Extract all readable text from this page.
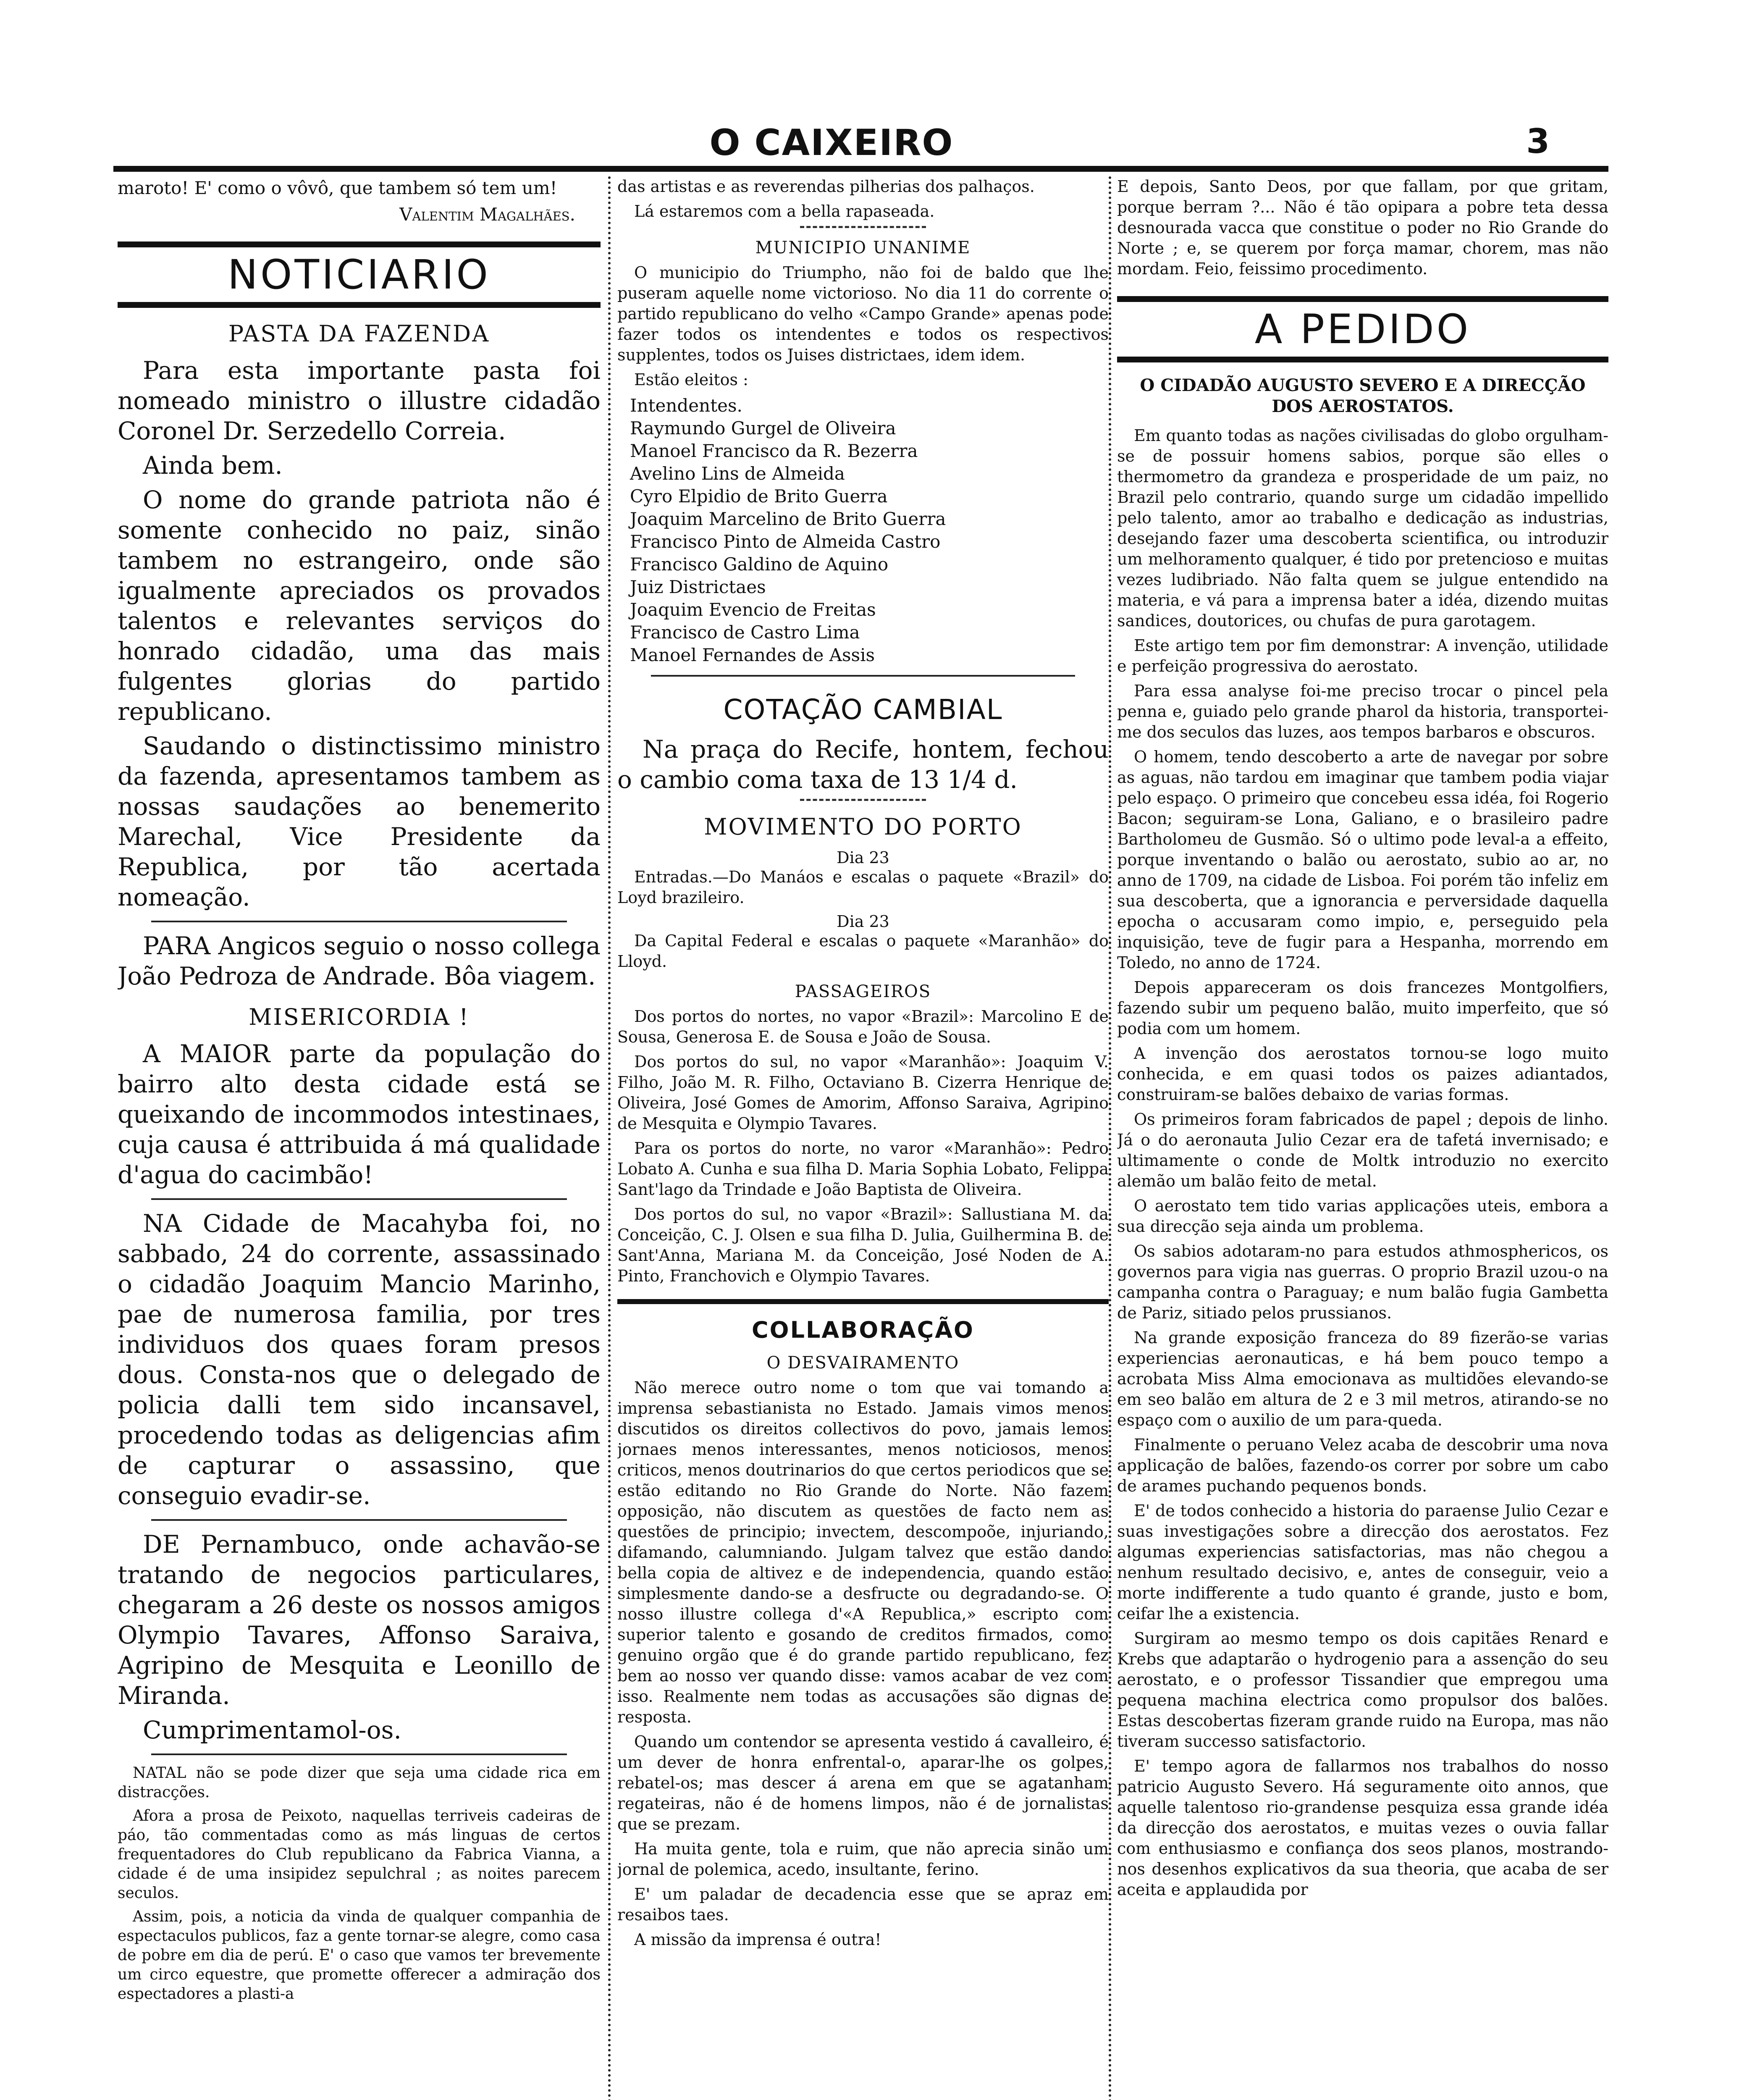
O CAIXEIRO	3

maroto! E' como o vôvô, que tambem só tem um!

Valentim Magalhães.
NOTICIARIO
PASTA DA FAZENDA

Para esta importante pasta foi nomeado ministro o illustre cidadão Coronel Dr. Serzedello Correia.

Ainda bem.

O nome do grande patriota não é somente conhecido no paiz, sinão tambem no estrangeiro, onde são igualmente apreciados os provados talentos e relevantes serviços do honrado cidadão, uma das mais fulgentes glorias do partido republicano.

Saudando o distinctissimo ministro da fazenda, apresentamos tambem as nossas saudações ao benemerito Marechal, Vice Presidente da Republica, por tão acertada nomeação.

PARA Angicos seguio o nosso collega João Pedroza de Andrade. Bôa viagem.

MISERICORDIA !

A MAIOR parte da população do bairro alto desta cidade está se queixando de incommodos intestinaes, cuja causa é attribuida á má qualidade d'agua do cacimbão!

NA Cidade de Macahyba foi, no sabbado, 24 do corrente, assassinado o cidadão Joaquim Mancio Marinho, pae de numerosa familia, por tres individuos dos quaes foram presos dous. Consta-nos que o delegado de policia dalli tem sido incansavel, procedendo todas as deligencias afim de capturar o assassino, que conseguio evadir-se.

DE Pernambuco, onde achavão-se tratando de negocios particulares, chegaram a 26 deste os nossos amigos Olympio Tavares, Affonso Saraiva, Agripino de Mesquita e Leonillo de Miranda.

Cumprimentamol-os.

NATAL não se pode dizer que seja uma cidade rica em distracções.

Afora a prosa de Peixoto, naquellas terriveis cadeiras de páo, tão commentadas como as más linguas de certos frequentadores do Club republicano da Fabrica Vianna, a cidade é de uma insipidez sepulchral ; as noites parecem seculos.

Assim, pois, a noticia da vinda de qualquer companhia de espectaculos publicos, faz a gente tornar-se alegre, como casa de pobre em dia de perú. E' o caso que vamos ter brevemente um circo equestre, que promette offerecer a admiração dos espectadores a plasti-a

das artistas e as reverendas pilherias dos palhaços.

Lá estaremos com a bella rapaseada.

MUNICIPIO UNANIME

O municipio do Triumpho, não foi de baldo que lhe puseram aquelle nome victorioso. No dia 11 do corrente o partido republicano do velho «Campo Grande» apenas pode fazer todos os intendentes e todos os respectivos supplentes, todos os Juises districtaes, idem idem.

Estão eleitos :

Intendentes.

Raymundo Gurgel de Oliveira

Manoel Francisco da R. Bezerra

Avelino Lins de Almeida

Cyro Elpidio de Brito Guerra

Joaquim Marcelino de Brito Guerra

Francisco Pinto de Almeida Castro

Francisco Galdino de Aquino

Juiz Districtaes

Joaquim Evencio de Freitas

Francisco de Castro Lima

Manoel Fernandes de Assis

COTAÇÃO CAMBIAL

Na praça do Recife, hontem, fechou o cambio coma taxa de 13 1/4 d.

MOVIMENTO DO PORTO
Dia 23

Entradas.—Do Manáos e escalas o paquete «Brazil» do Loyd brazileiro.

Dia 23

Da Capital Federal e escalas o paquete «Maranhão» do Lloyd.

PASSAGEIROS

Dos portos do nortes, no vapor «Brazil»: Marcolino E de Sousa, Generosa E. de Sousa e João de Sousa.

Dos portos do sul, no vapor «Maranhão»: Joaquim V. Filho, João M. R. Filho, Octaviano B. Cizerra Henrique de Oliveira, José Gomes de Amorim, Affonso Saraiva, Agripino de Mesquita e Olympio Tavares.

Para os portos do norte, no varor «Maranhão»: Pedro Lobato A. Cunha e sua filha D. Maria Sophia Lobato, Felippa Sant'lago da Trindade e João Baptista de Oliveira.

Dos portos do sul, no vapor «Brazil»: Sallustiana M. da Conceição, C. J. Olsen e sua filha D. Julia, Guilhermina B. de Sant'Anna, Mariana M. da Conceição, José Noden de A. Pinto, Franchovich e Olympio Tavares.

COLLABORAÇÃO
O DESVAIRAMENTO

Não merece outro nome o tom que vai tomando a imprensa sebastianista no Estado. Jamais vimos menos discutidos os direitos collectivos do povo, jamais lemos jornaes menos interessantes, menos noticiosos, menos criticos, menos doutrinarios do que certos periodicos que se estão editando no Rio Grande do Norte. Não fazem opposição, não discutem as questões de facto nem as questões de principio; invectem, descompoõe, injuriando, difamando, calumniando. Julgam talvez que estão dando bella copia de altivez e de independencia, quando estão simplesmente dando-se a desfructe ou degradando-se. O nosso illustre collega d'«A Republica,» escripto com superior talento e gosando de creditos firmados, como genuino orgão que é do grande partido republicano, fez bem ao nosso ver quando disse: vamos acabar de vez com isso. Realmente nem todas as accusações são dignas de resposta.

Quando um contendor se apresenta vestido á cavalleiro, é um dever de honra enfrental-o, aparar-lhe os golpes, rebatel-os; mas descer á arena em que se agatanham regateiras, não é de homens limpos, não é de jornalistas que se prezam.

Ha muita gente, tola e ruim, que não aprecia sinão um jornal de polemica, acedo, insultante, ferino.

E' um paladar de decadencia esse que se apraz em resaibos taes.

A missão da imprensa é outra!

E depois, Santo Deos, por que fallam, por que gritam, porque berram ?... Não é tão opipara a pobre teta dessa desnourada vacca que constitue o poder no Rio Grande do Norte ; e, se querem por força mamar, chorem, mas não mordam. Feio, feissimo procedimento.

A PEDIDO
O CIDADÃO AUGUSTO SEVERO E A DIRECÇÃO DOS AEROSTATOS.

Em quanto todas as nações civilisadas do globo orgulham-se de possuir homens sabios, porque são elles o thermometro da grandeza e prosperidade de um paiz, no Brazil pelo contrario, quando surge um cidadão impellido pelo talento, amor ao trabalho e dedicação as industrias, desejando fazer uma descoberta scientifica, ou introduzir um melhoramento qualquer, é tido por pretencioso e muitas vezes ludibriado. Não falta quem se julgue entendido na materia, e vá para a imprensa bater a idéa, dizendo muitas sandices, doutorices, ou chufas de pura garotagem.

Este artigo tem por fim demonstrar: A invenção, utilidade e perfeição progressiva do aerostato.

Para essa analyse foi-me preciso trocar o pincel pela penna e, guiado pelo grande pharol da historia, transportei-me dos seculos das luzes, aos tempos barbaros e obscuros.

O homem, tendo descoberto a arte de navegar por sobre as aguas, não tardou em imaginar que tambem podia viajar pelo espaço. O primeiro que concebeu essa idéa, foi Rogerio Bacon; seguiram-se Lona, Galiano, e o brasileiro padre Bartholomeu de Gusmão. Só o ultimo pode leval-a a effeito, porque inventando o balão ou aerostato, subio ao ar, no anno de 1709, na cidade de Lisboa. Foi porém tão infeliz em sua descoberta, que a ignorancia e perversidade daquella epocha o accusaram como impio, e, perseguido pela inquisição, teve de fugir para a Hespanha, morrendo em Toledo, no anno de 1724.

Depois appareceram os dois francezes Montgolfiers, fazendo subir um pequeno balão, muito imperfeito, que só podia com um homem.

A invenção dos aerostatos tornou-se logo muito conhecida, e em quasi todos os paizes adiantados, construiram-se balões debaixo de varias formas.

Os primeiros foram fabricados de papel ; depois de linho. Já o do aeronauta Julio Cezar era de tafetá invernisado; e ultimamente o conde de Moltk introduzio no exercito alemão um balão feito de metal.

O aerostato tem tido varias applicações uteis, embora a sua direcção seja ainda um problema.

Os sabios adotaram-no para estudos athmosphericos, os governos para vigia nas guerras. O proprio Brazil uzou-o na campanha contra o Paraguay; e num balão fugia Gambetta de Pariz, sitiado pelos prussianos.

Na grande exposição franceza do 89 fizerão-se varias experiencias aeronauticas, e há bem pouco tempo a acrobata Miss Alma emocionava as multidões elevando-se em seo balão em altura de 2 e 3 mil metros, atirando-se no espaço com o auxilio de um para-queda.

Finalmente o peruano Velez acaba de descobrir uma nova applicação de balões, fazendo-os correr por sobre um cabo de arames puchando pequenos bonds.

E' de todos conhecido a historia do paraense Julio Cezar e suas investigações sobre a direcção dos aerostatos. Fez algumas experiencias satisfactorias, mas não chegou a nenhum resultado decisivo, e, antes de conseguir, veio a morte indifferente a tudo quanto é grande, justo e bom, ceifar lhe a existencia.

Surgiram ao mesmo tempo os dois capitães Renard e Krebs que adaptarão o hydrogenio para a assenção do seu aerostato, e o professor Tissandier que empregou uma pequena machina electrica como propulsor dos balões. Estas descobertas fizeram grande ruido na Europa, mas não tiveram successo satisfactorio.

E' tempo agora de fallarmos nos trabalhos do nosso patricio Augusto Severo. Há seguramente oito annos, que aquelle talentoso rio-grandense pesquiza essa grande idéa da direcção dos aerostatos, e muitas vezes o ouvia fallar com enthusiasmo e confiança dos seos planos, mostrando-nos desenhos explicativos da sua theoria, que acaba de ser aceita e applaudida por
